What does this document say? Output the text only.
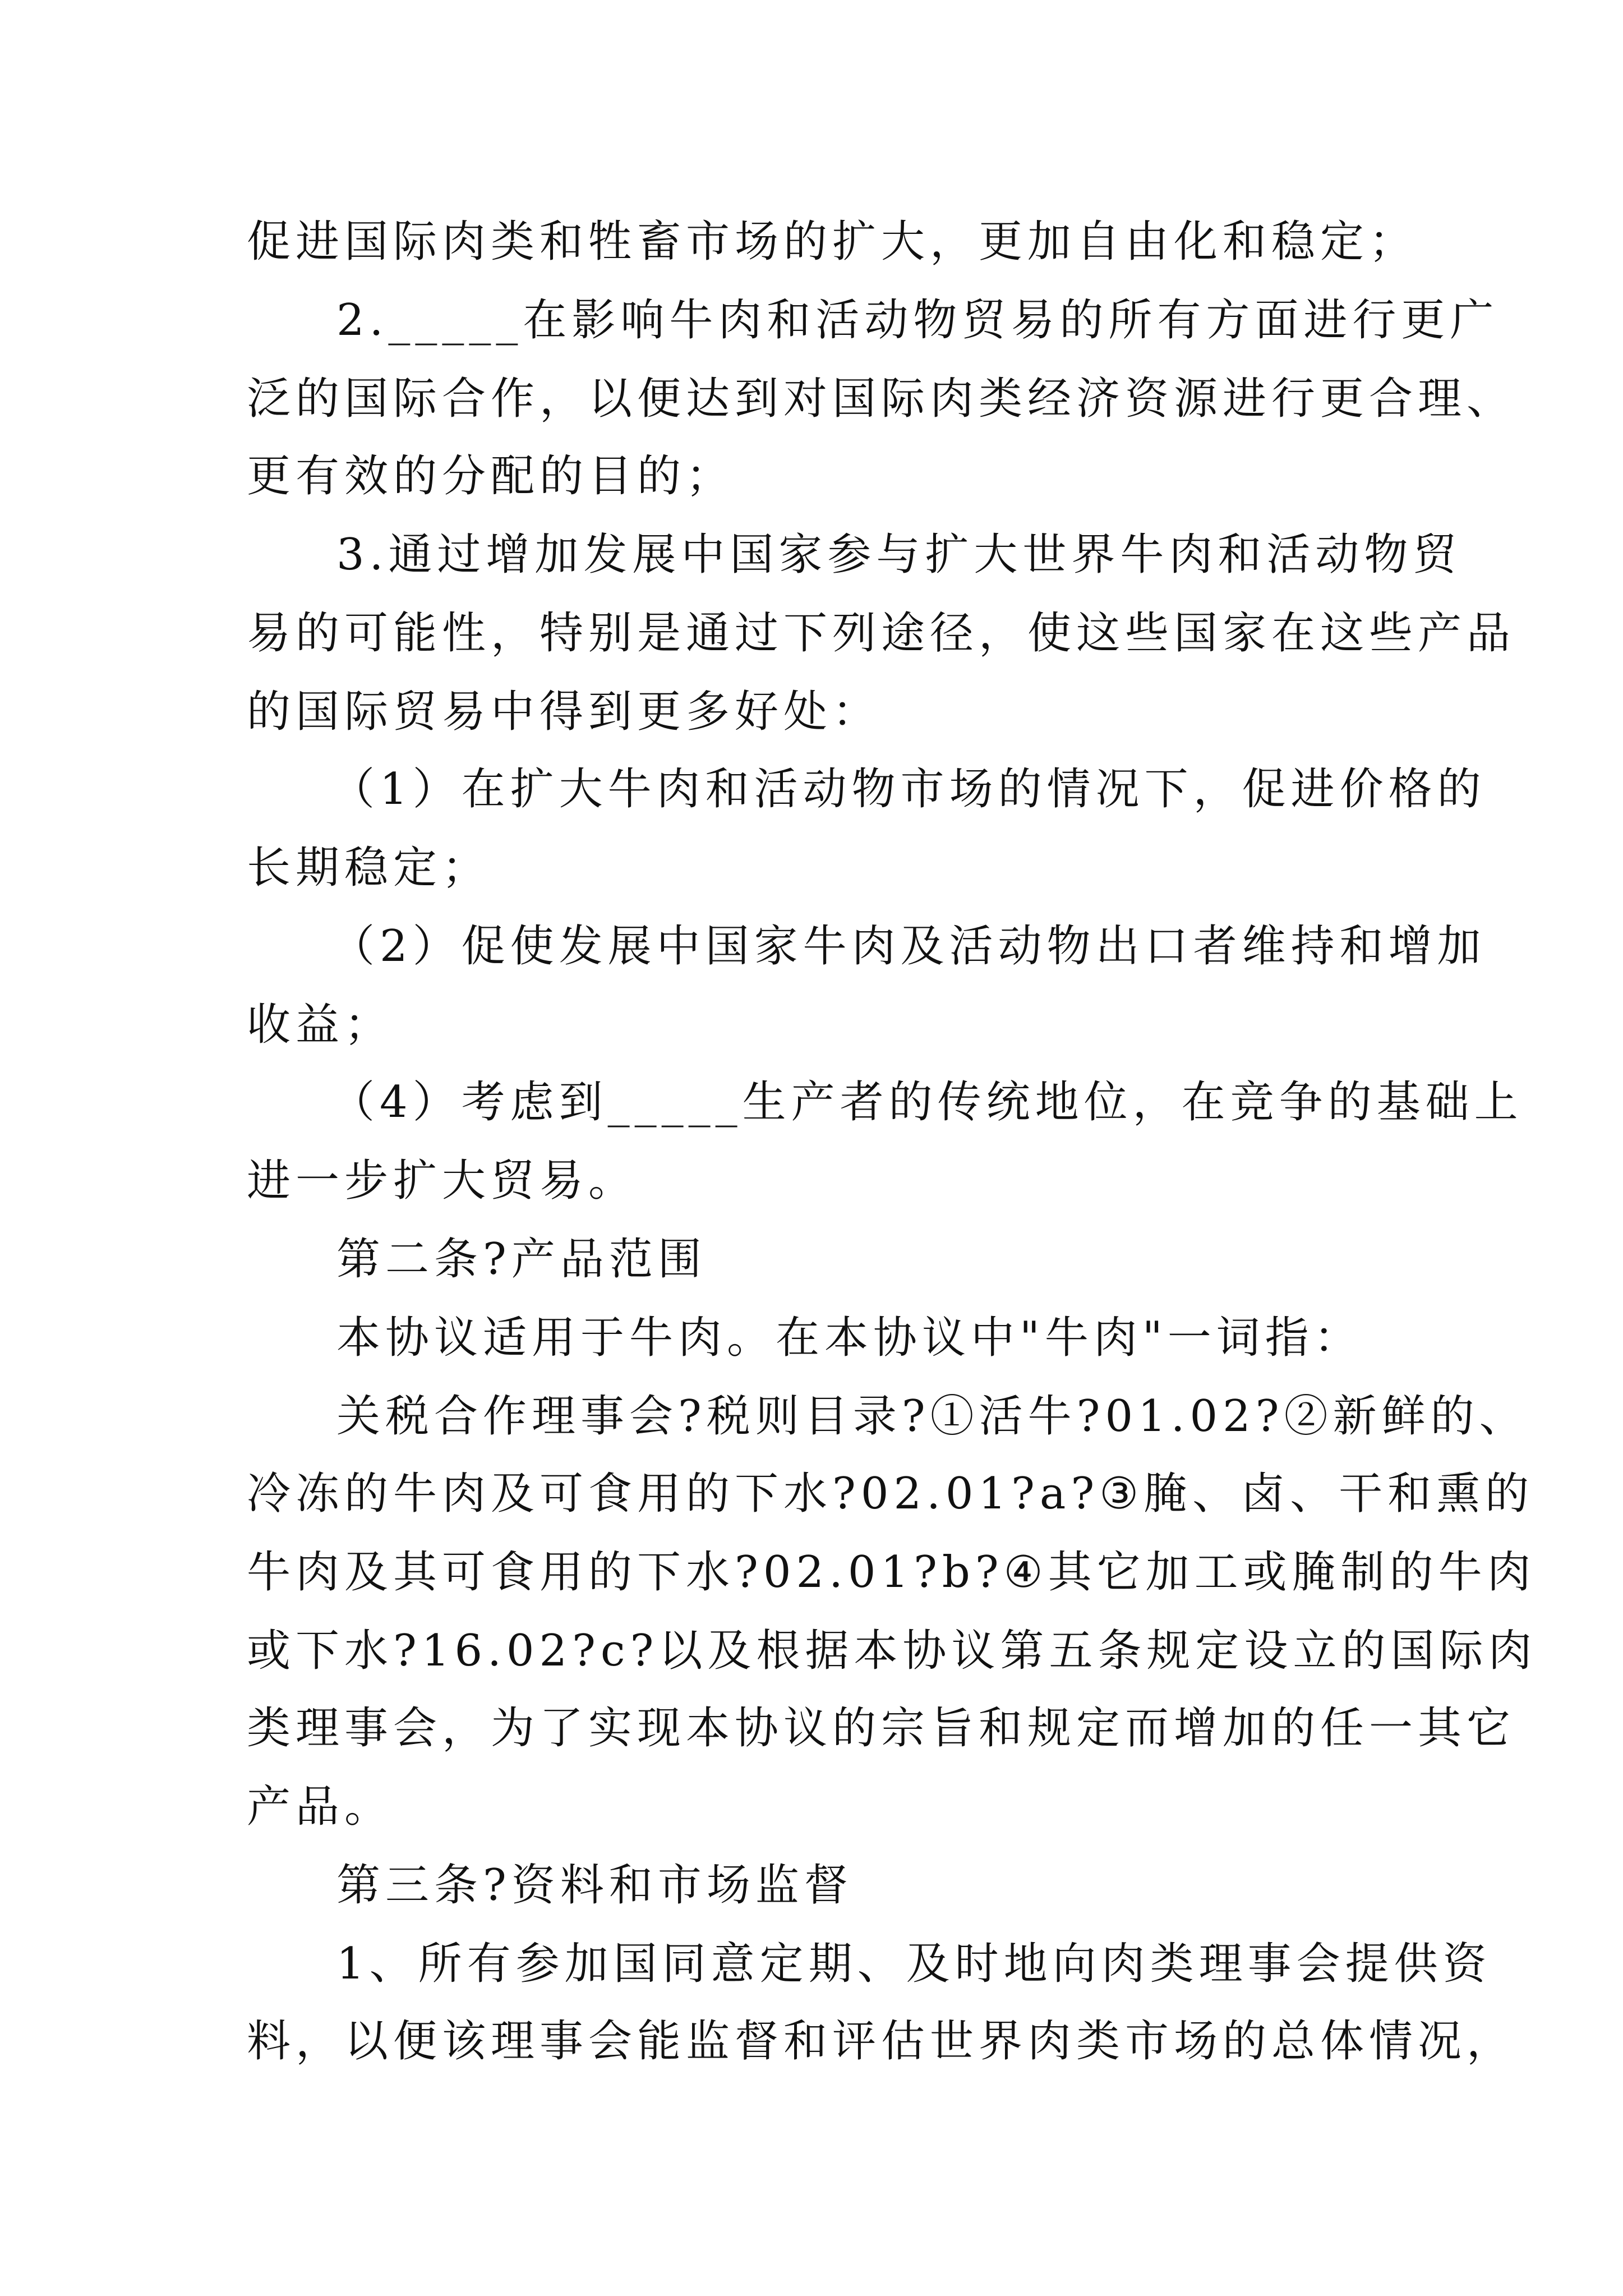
促进国际肉类和牲畜市场的扩大，更加自由化和稳定；
2._____在影响牛肉和活动物贸易的所有方面进行更广
泛的国际合作，以便达到对国际肉类经济资源进行更合理、
更有效的分配的目的；
3.通过增加发展中国家参与扩大世界牛肉和活动物贸
易的可能性，特别是通过下列途径，使这些国家在这些产品
的国际贸易中得到更多好处：
（1）在扩大牛肉和活动物市场的情况下，促进价格的
长期稳定；
（2）促使发展中国家牛肉及活动物出口者维持和增加
收益；
（4）考虑到_____生产者的传统地位，在竞争的基础上
进一步扩大贸易。
第二条?产品范围
本协议适用于牛肉。在本协议中"牛肉"一词指：
关税合作理事会?税则目录?①活牛?01.02?②新鲜的、
冷冻的牛肉及可食用的下水?02.01?a?③腌、卤、干和熏的
牛肉及其可食用的下水?02.01?b?④其它加工或腌制的牛肉
或下水?16.02?c?以及根据本协议第五条规定设立的国际肉
类理事会，为了实现本协议的宗旨和规定而增加的任一其它
产品。
第三条?资料和市场监督
1、所有参加国同意定期、及时地向肉类理事会提供资
料，以便该理事会能监督和评估世界肉类市场的总体情况，
